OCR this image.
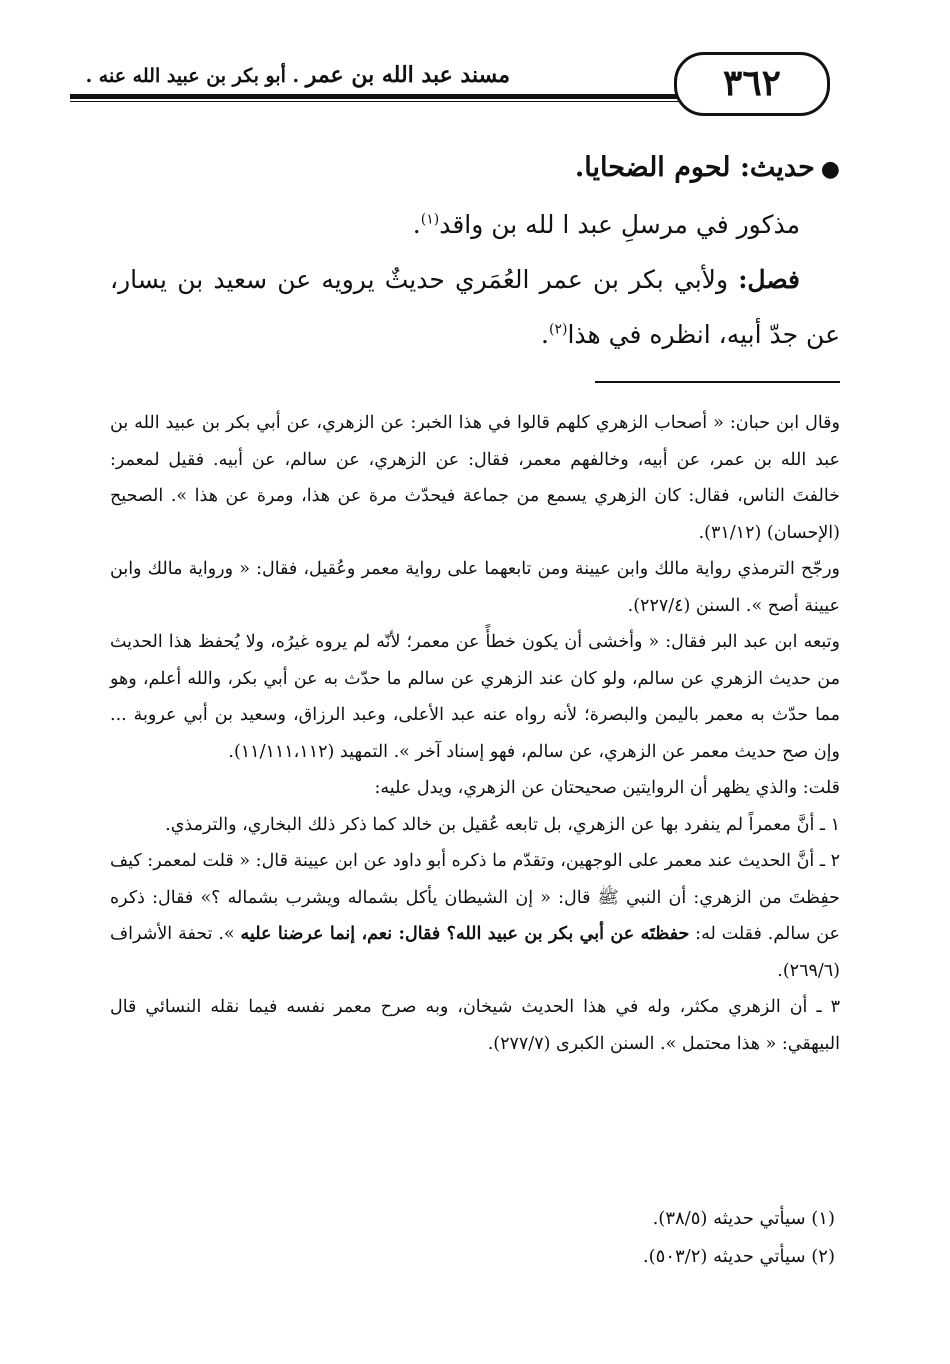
مسند عبد الله بن عمر . أبو بكر بن عبيد الله عنه .	٣٦٢

●حديث: لحوم الضحايا.

مذكور في مرسلِ عبد ا لله بن واقد$^{(١)}$.

فصل: ولأبي بكر بن عمر العُمَري حديثٌ يرويه عن سعيد بن يسار، عن جدّ أبيه، انظره في هذا$^{(٢)}$.

وقال ابن حبان: « أصحاب الزهري كلهم قالوا في هذا الخبر: عن الزهري، عن أبي بكر بن عبيد الله بن عبد الله بن عمر، عن أبيه، وخالفهم معمر، فقال: عن الزهري، عن سالم، عن أبيه. فقيل لمعمر: خالفتَ الناس، فقال: كان الزهري يسمع من جماعة فيحدّث مرة عن هذا، ومرة عن هذا ». الصحيح (الإحسان) (٣١/١٢).

ورجّح الترمذي رواية مالك وابن عيينة ومن تابعهما على رواية معمر وعُقيل، فقال: « ورواية مالك وابن عيينة أصح ». السنن (٢٢٧/٤).

وتبعه ابن عبد البر فقال: « وأخشى أن يكون خطأً عن معمر؛ لأنّه لم يروه غيرُه، ولا يُحفظ هذا الحديث من حديث الزهري عن سالم، ولو كان عند الزهري عن سالم ما حدّث به عن أبي بكر، والله أعلم، وهو مما حدّث به معمر باليمن والبصرة؛ لأنه رواه عنه عبد الأعلى، وعبد الرزاق، وسعيد بن أبي عروبة ... وإن صح حديث معمر عن الزهري، عن سالم، فهو إسناد آخر ». التمهيد (١١/١١١،١١٢).

قلت: والذي يظهر أن الروايتين صحيحتان عن الزهري، ويدل عليه:

١ ـ أنَّ معمراً لم ينفرد بها عن الزهري، بل تابعه عُقيل بن خالد كما ذكر ذلك البخاري، والترمذي.

٢ ـ أنَّ الحديث عند معمر على الوجهين، وتقدّم ما ذكره أبو داود عن ابن عيينة قال: « قلت لمعمر: كيف حفِظتَ من الزهري: أن النبي ﷺ قال: « إن الشيطان يأكل بشماله ويشرب بشماله ؟» فقال: ذكره عن سالم. فقلت له: حفظتَه عن أبي بكر بن عبيد الله؟ فقال: نعم، إنما عرضنا عليه ». تحفة الأشراف (٢٦٩/٦).

٣ ـ أن الزهري مكثر، وله في هذا الحديث شيخان، وبه صرح معمر نفسه فيما نقله النسائي قال البيهقي: « هذا محتمل ». السنن الكبرى (٢٧٧/٧).

(١) سيأتي حديثه (٣٨/٥).

(٢) سيأتي حديثه (٥٠٣/٢).
